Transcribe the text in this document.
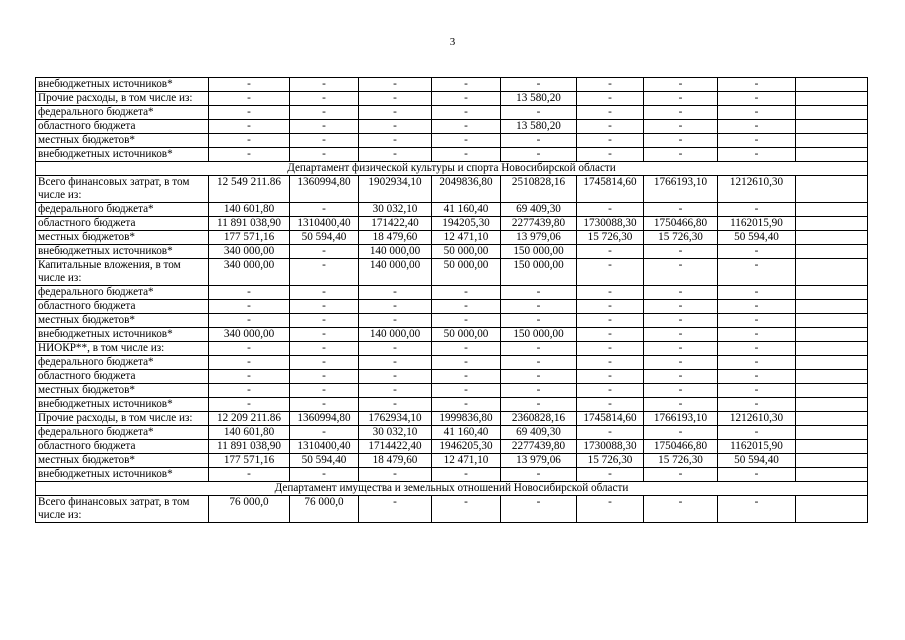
3
внебюджетных источников*	-	-	-	-	-	-	-	-	
Прочие расходы, в том числе из:	-	-	-	-	13 580,20	-	-	-	
федерального бюджета*	-	-	-	-	-	-	-	-	
областного бюджета	-	-	-	-	13 580,20	-	-	-	
местных бюджетов*	-	-	-	-	-	-	-	-	
внебюджетных источников*	-	-	-	-	-	-	-	-	
Департамент физической культуры и спорта Новосибирской области									
Всего финансовых затрат, в том числе из:	12 549 211.86	1360994,80	1902934,10	2049836,80	2510828,16	1745814,60	1766193,10	1212610,30	
федерального бюджета*	140 601,80	-	30 032,10	41 160,40	69 409,30	-	-	-	
областного бюджета	11 891 038,90	1310400,40	171422,40	194205,30	2277439,80	1730088,30	1750466,80	1162015,90	
местных бюджетов*	177 571,16	50 594,40	18 479,60	12 471,10	13 979,06	15 726,30	15 726,30	50 594,40	
внебюджетных источников*	340 000,00	-	140 000,00	50 000,00	150 000,00	-	-	-	
Капитальные вложения, в том числе из:	340 000,00	-	140 000,00	50 000,00	150 000,00	-	-	-	
федерального бюджета*	-	-	-	-	-	-	-	-	
областного бюджета	-	-	-	-	-	-	-	-	
местных бюджетов*	-	-	-	-	-	-	-	-	
внебюджетных источников*	340 000,00	-	140 000,00	50 000,00	150 000,00	-	-	-	
НИОКР**, в том числе из:	-	-	-	-	-	-	-	-	
федерального бюджета*	-	-	-	-	-	-	-	-	
областного бюджета	-	-	-	-	-	-	-	-	
местных бюджетов*	-	-	-	-	-	-	-	-	
внебюджетных источников*	-	-	-	-	-	-	-	-	
Прочие расходы, в том числе из:	12 209 211.86	1360994,80	1762934,10	1999836,80	2360828,16	1745814,60	1766193,10	1212610,30	
федерального бюджета*	140 601,80	-	30 032,10	41 160,40	69 409,30	-	-	-	
областного бюджета	11 891 038,90	1310400,40	1714422,40	1946205,30	2277439,80	1730088,30	1750466,80	1162015,90	
местных бюджетов*	177 571,16	50 594,40	18 479,60	12 471,10	13 979,06	15 726,30	15 726,30	50 594,40	
внебюджетных источников*	-	-	-	-	-	-	-	-	
Департамент имущества и земельных отношений Новосибирской области									
Всего финансовых затрат, в том числе из:	76 000,0	76 000,0	-	-	-	-	-	-	
